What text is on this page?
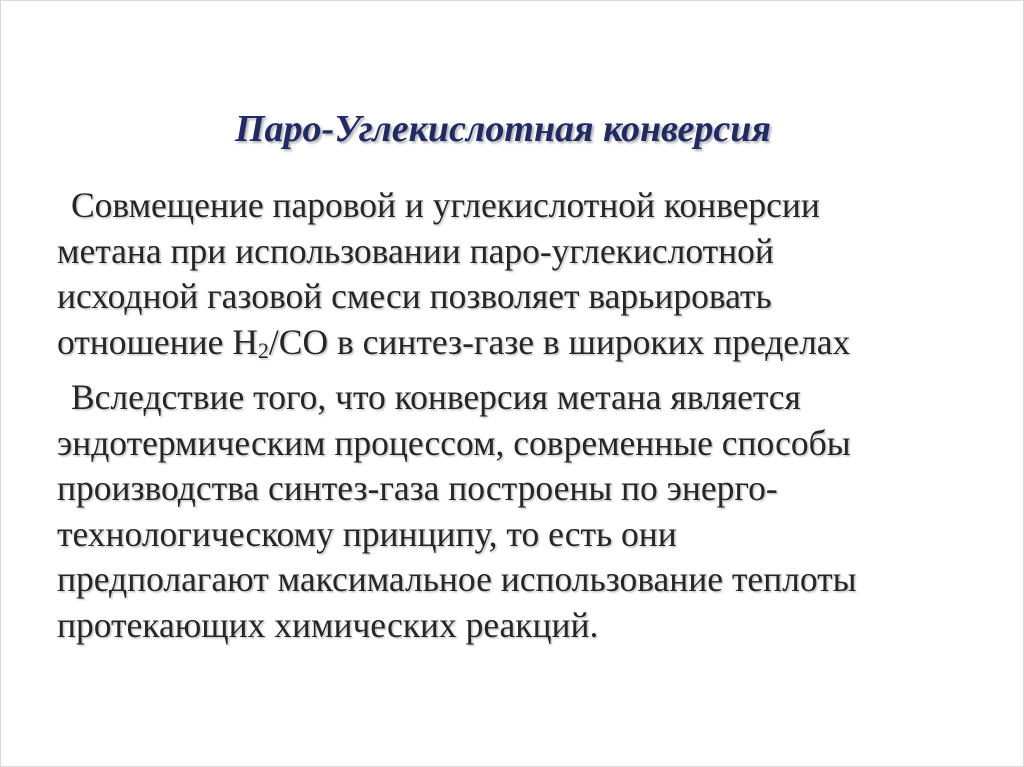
Паро-Углекислотная конверсия

Совмещение паровой и углекислотной конверсии
метана при использовании паро-углекислотной
исходной газовой смеси позволяет варьировать
отношение $Н_2/СО$ в синтез-газе в широких пределах

Вследствие того, что конверсия метана является
эндотермическим процессом, современные способы
производства синтез-газа построены по энерго-
технологическому принципу, то есть они
предполагают максимальное использование теплоты
протекающих химических реакций.
